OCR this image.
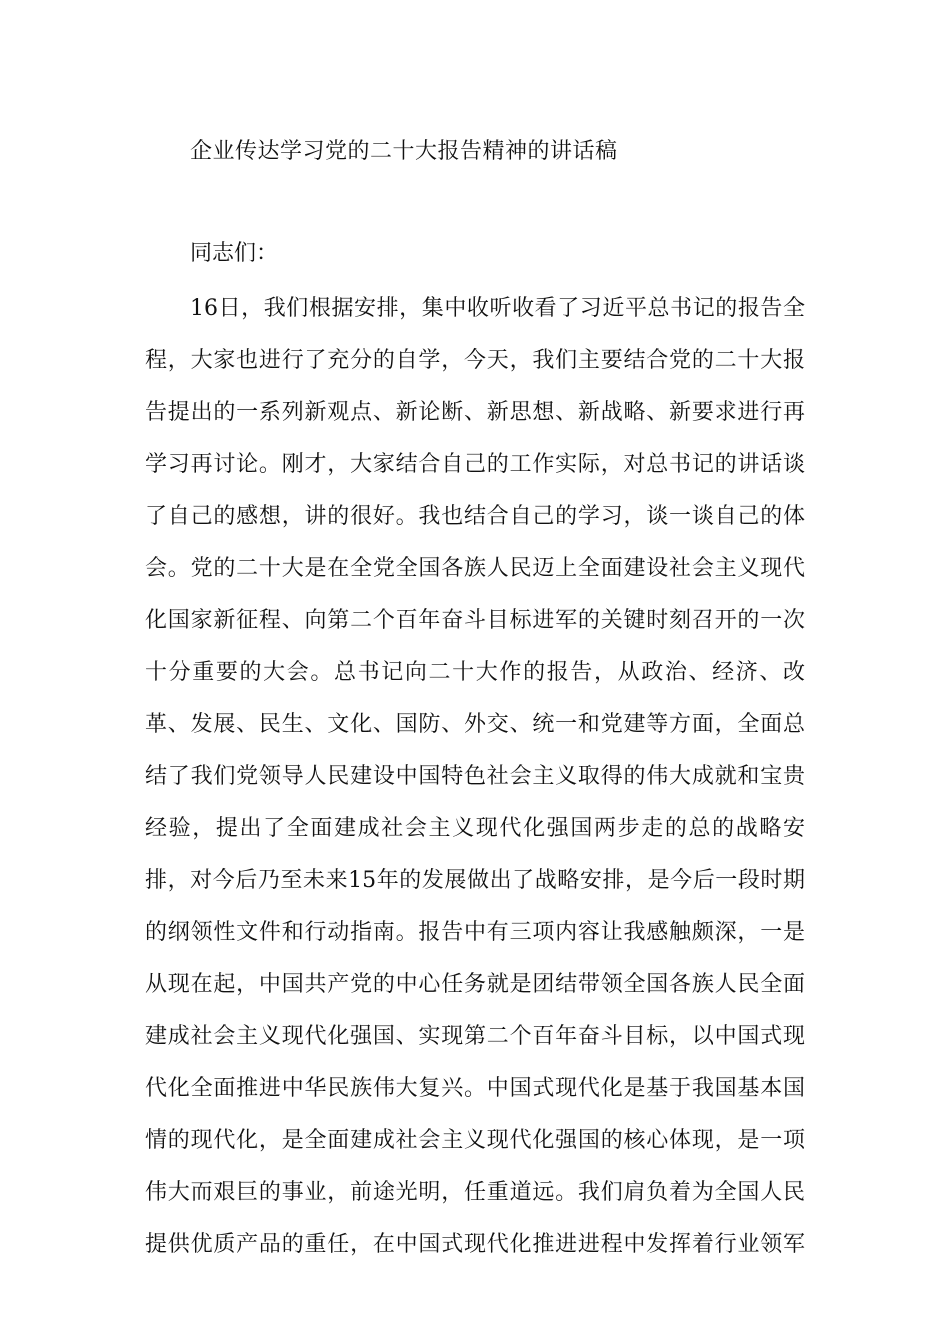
企业传达学习党的二十大报告精神的讲话稿
同志们：
16日，我们根据安排，集中收听收看了习近平总书记的报告全
程，大家也进行了充分的自学，今天，我们主要结合党的二十大报
告提出的一系列新观点、新论断、新思想、新战略、新要求进行再
学习再讨论。刚才，大家结合自己的工作实际，对总书记的讲话谈
了自己的感想，讲的很好。我也结合自己的学习，谈一谈自己的体
会。党的二十大是在全党全国各族人民迈上全面建设社会主义现代
化国家新征程、向第二个百年奋斗目标进军的关键时刻召开的一次
十分重要的大会。总书记向二十大作的报告，从政治、经济、改
革、发展、民生、文化、国防、外交、统一和党建等方面，全面总
结了我们党领导人民建设中国特色社会主义取得的伟大成就和宝贵
经验，提出了全面建成社会主义现代化强国两步走的总的战略安
排，对今后乃至未来15年的发展做出了战略安排，是今后一段时期
的纲领性文件和行动指南。报告中有三项内容让我感触颇深，一是
从现在起，中国共产党的中心任务就是团结带领全国各族人民全面
建成社会主义现代化强国、实现第二个百年奋斗目标，以中国式现
代化全面推进中华民族伟大复兴。中国式现代化是基于我国基本国
情的现代化，是全面建成社会主义现代化强国的核心体现，是一项
伟大而艰巨的事业，前途光明，任重道远。我们肩负着为全国人民
提供优质产品的重任，在中国式现代化推进进程中发挥着行业领军
